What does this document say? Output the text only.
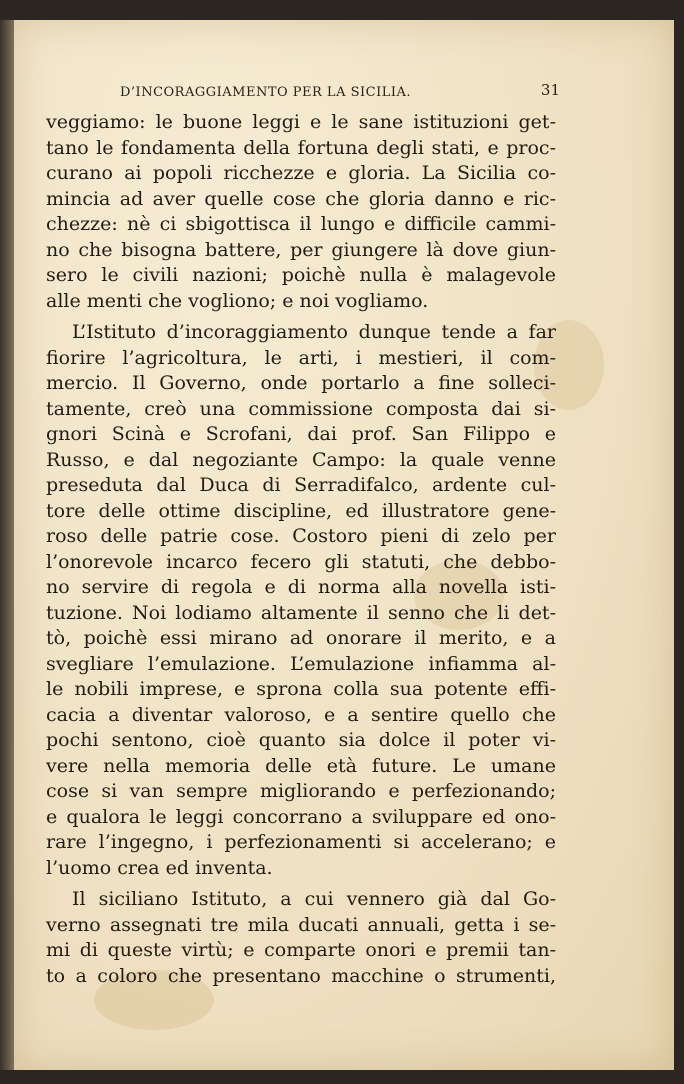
D’INCORAGGIAMENTO PER LA SICILIA.	31
veggiamo: le buone leggi e le sane istituzioni get-
tano le fondamenta della fortuna degli stati, e proc-
curano ai popoli ricchezze e gloria. La Sicilia co-
mincia ad aver quelle cose che gloria danno e ric-
chezze: nè ci sbigottisca il lungo e difficile cammi-
no che bisogna battere, per giungere là dove giun-
sero le civili nazioni; poichè nulla è malagevole
alle menti che vogliono; e noi vogliamo.
L’Istituto d’incoraggiamento dunque tende a far
fiorire l’agricoltura, le arti, i mestieri, il com-
mercio. Il Governo, onde portarlo a fine solleci-
tamente, creò una commissione composta dai si-
gnori Scinà e Scrofani, dai prof. San Filippo e
Russo, e dal negoziante Campo: la quale venne
preseduta dal Duca di Serradifalco, ardente cul-
tore delle ottime discipline, ed illustratore gene-
roso delle patrie cose. Costoro pieni di zelo per
l’onorevole incarco fecero gli statuti, che debbo-
no servire di regola e di norma alla novella isti-
tuzione. Noi lodiamo altamente il senno che li det-
tò, poichè essi mirano ad onorare il merito, e a
svegliare l’emulazione. L’emulazione infiamma al-
le nobili imprese, e sprona colla sua potente effi-
cacia a diventar valoroso, e a sentire quello che
pochi sentono, cioè quanto sia dolce il poter vi-
vere nella memoria delle età future. Le umane
cose si van sempre migliorando e perfezionando;
e qualora le leggi concorrano a sviluppare ed ono-
rare l’ingegno, i perfezionamenti si accelerano; e
l’uomo crea ed inventa.
Il siciliano Istituto, a cui vennero già dal Go-
verno assegnati tre mila ducati annuali, getta i se-
mi di queste virtù; e comparte onori e premii tan-
to a coloro che presentano macchine o strumenti,
